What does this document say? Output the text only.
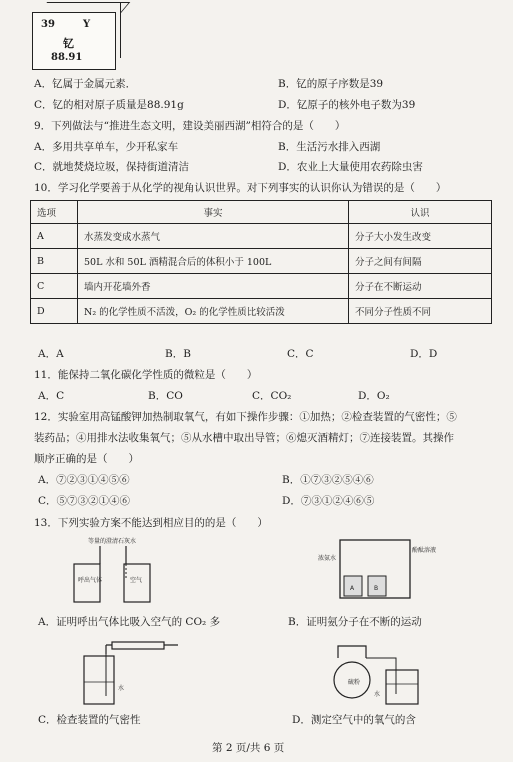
39	Y
钇
88.91
A．钇属于金属元素．	B．钇的原子序数是39
C．钇的相对原子质量是88.91g	D．钇原子的核外电子数为39
9．下列做法与“推进生态文明，建设美丽西湖”相符合的是（　　）
A．多用共享单车，少开私家车	B．生活污水排入西湖
C．就地焚烧垃圾，保持街道清洁	D．农业上大量使用农药除虫害
10．学习化学要善于从化学的视角认识世界。对下列事实的认识你认为错误的是（　　）
选项	事实	认识
A	水蒸发变成水蒸气	分子大小发生改变
B	50L 水和 50L 酒精混合后的体积小于 100L	分子之间有间隔
C	墙内开花墙外香	分子在不断运动
D	N₂ 的化学性质不活泼，O₂ 的化学性质比较活泼	不同分子性质不同
A．A	B．B	C．C	D．D
11．能保持二氧化碳化学性质的微粒是（　　）
A．C	B．CO	C．CO₂	D．O₂
12．实验室用高锰酸钾加热制取氧气，有如下操作步骤：①加热；②检查装置的气密性；⑤
装药品；④用排水法收集氧气；⑤从水槽中取出导管；⑥熄灭酒精灯；⑦连接装置。其操作
顺序正确的是（　　）
A．⑦②③①④⑤⑥	B．①⑦③②⑤④⑥
C．⑤⑦③②①④⑥	D．⑦③①②④⑥⑤
13．下列实验方案不能达到相应目的的是（　　）
等量的澄清石灰水
呼出气体	空气
A	B
浓氨水
酚酞溶液
A．证明呼出气体比吸入空气的 CO₂ 多	B．证明氨分子在不断的运动
水
硫粉
水
C．检查装置的气密性	D．测定空气中的氧气的含
第 2 页/共 6 页
